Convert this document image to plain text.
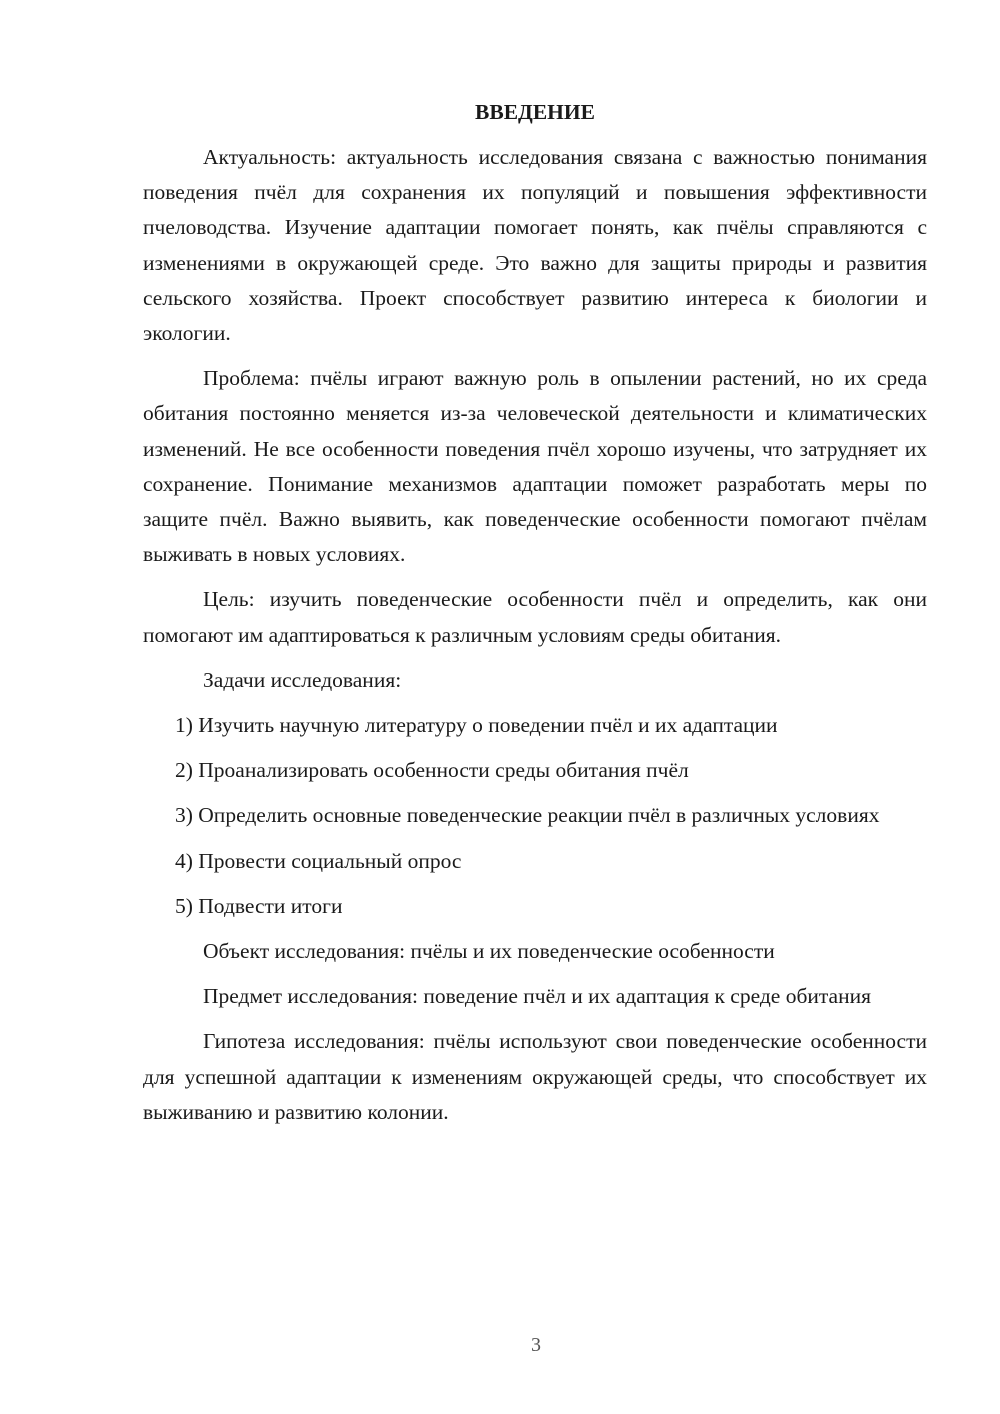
ВВЕДЕНИЕ

Актуальность: актуальность исследования связана с важностью понимания поведения пчёл для сохранения их популяций и повышения эффективности пчеловодства. Изучение адаптации помогает понять, как пчёлы справляются с изменениями в окружающей среде. Это важно для защиты природы и развития сельского хозяйства. Проект способствует развитию интереса к биологии и экологии.

Проблема: пчёлы играют важную роль в опылении растений, но их среда обитания постоянно меняется из-за человеческой деятельности и климатических изменений. Не все особенности поведения пчёл хорошо изучены, что затрудняет их сохранение. Понимание механизмов адаптации поможет разработать меры по защите пчёл. Важно выявить, как поведенческие особенности помогают пчёлам выживать в новых условиях.

Цель: изучить поведенческие особенности пчёл и определить, как они помогают им адаптироваться к различным условиям среды обитания.

Задачи исследования:

1) Изучить научную литературу о поведении пчёл и их адаптации

2) Проанализировать особенности среды обитания пчёл

3) Определить основные поведенческие реакции пчёл в различных условиях

4) Провести социальный опрос

5) Подвести итоги

Объект исследования: пчёлы и их поведенческие особенности

Предмет исследования: поведение пчёл и их адаптация к среде обитания

Гипотеза исследования: пчёлы используют свои поведенческие особенности для успешной адаптации к изменениям окружающей среды, что способствует их выживанию и развитию колонии.

3
